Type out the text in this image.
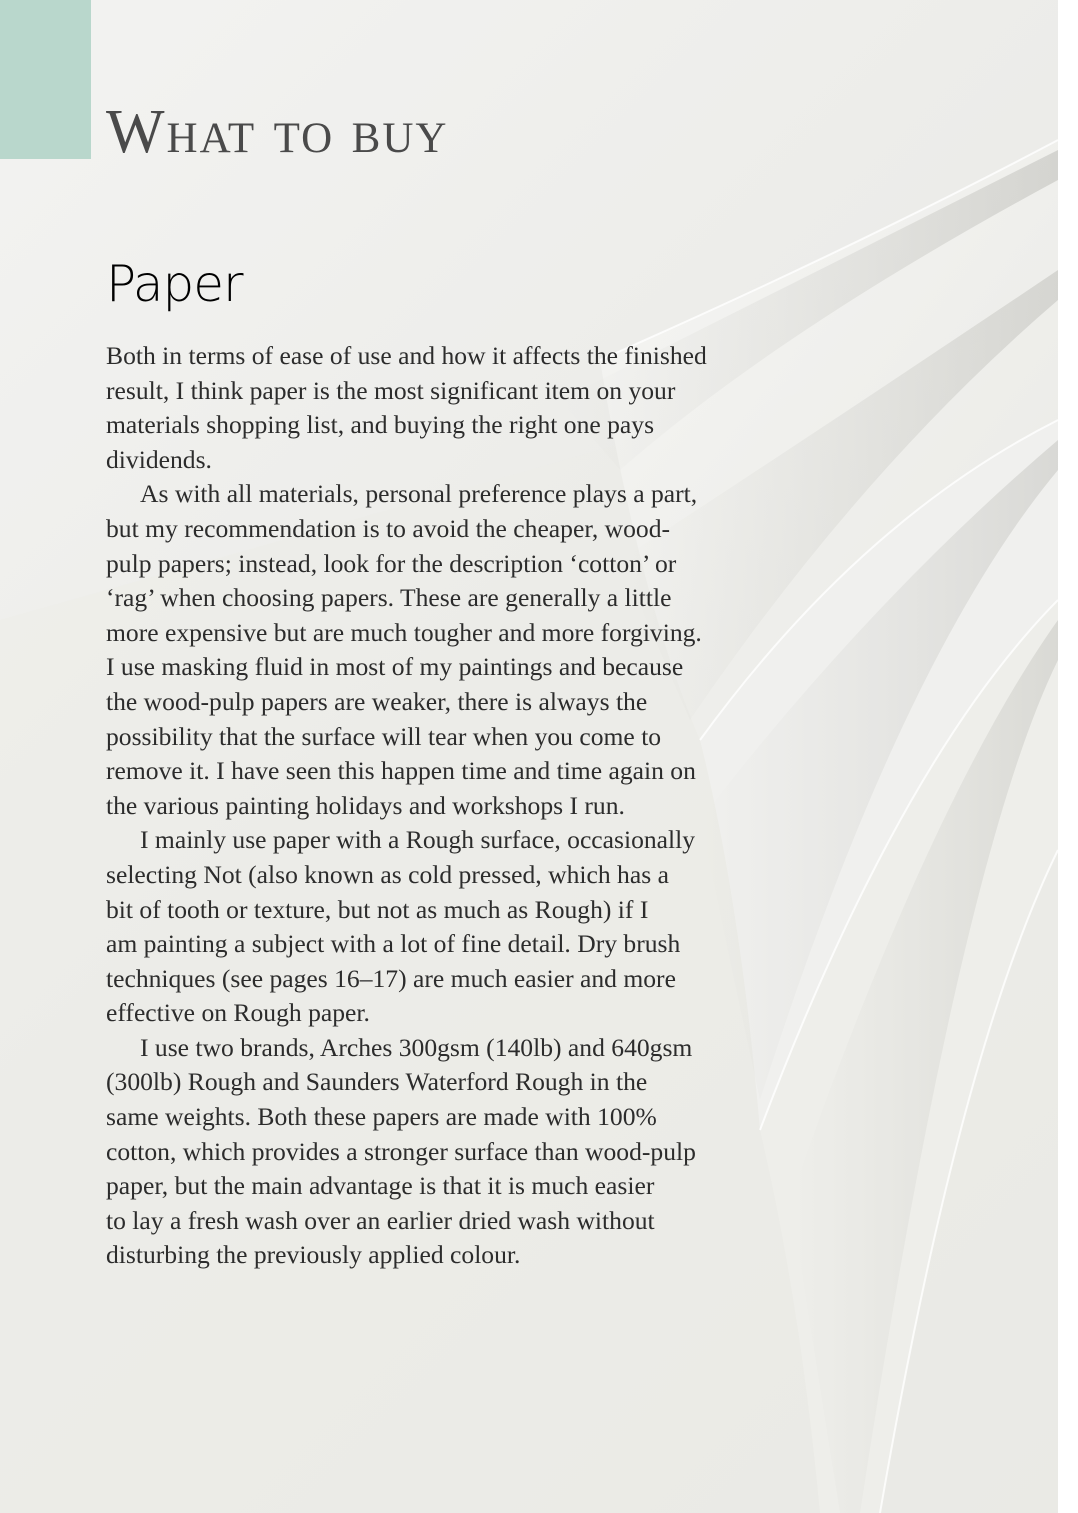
What to buy
Paper

Both in terms of ease of use and how it affects the finished
result, I think paper is the most significant item on your
materials shopping list, and buying the right one pays
dividends.

As with all materials, personal preference plays a part,
but my recommendation is to avoid the cheaper, wood-
pulp papers; instead, look for the description ‘cotton’ or
‘rag’ when choosing papers. These are generally a little
more expensive but are much tougher and more forgiving.
I use masking fluid in most of my paintings and because
the wood-pulp papers are weaker, there is always the
possibility that the surface will tear when you come to
remove it. I have seen this happen time and time again on
the various painting holidays and workshops I run.

I mainly use paper with a Rough surface, occasionally
selecting Not (also known as cold pressed, which has a
bit of tooth or texture, but not as much as Rough) if I
am painting a subject with a lot of fine detail. Dry brush
techniques (see pages 16–17) are much easier and more
effective on Rough paper.

I use two brands, Arches 300gsm (140lb) and 640gsm
(300lb) Rough and Saunders Waterford Rough in the
same weights. Both these papers are made with 100%
cotton, which provides a stronger surface than wood-pulp
paper, but the main advantage is that it is much easier
to lay a fresh wash over an earlier dried wash without
disturbing the previously applied colour.
